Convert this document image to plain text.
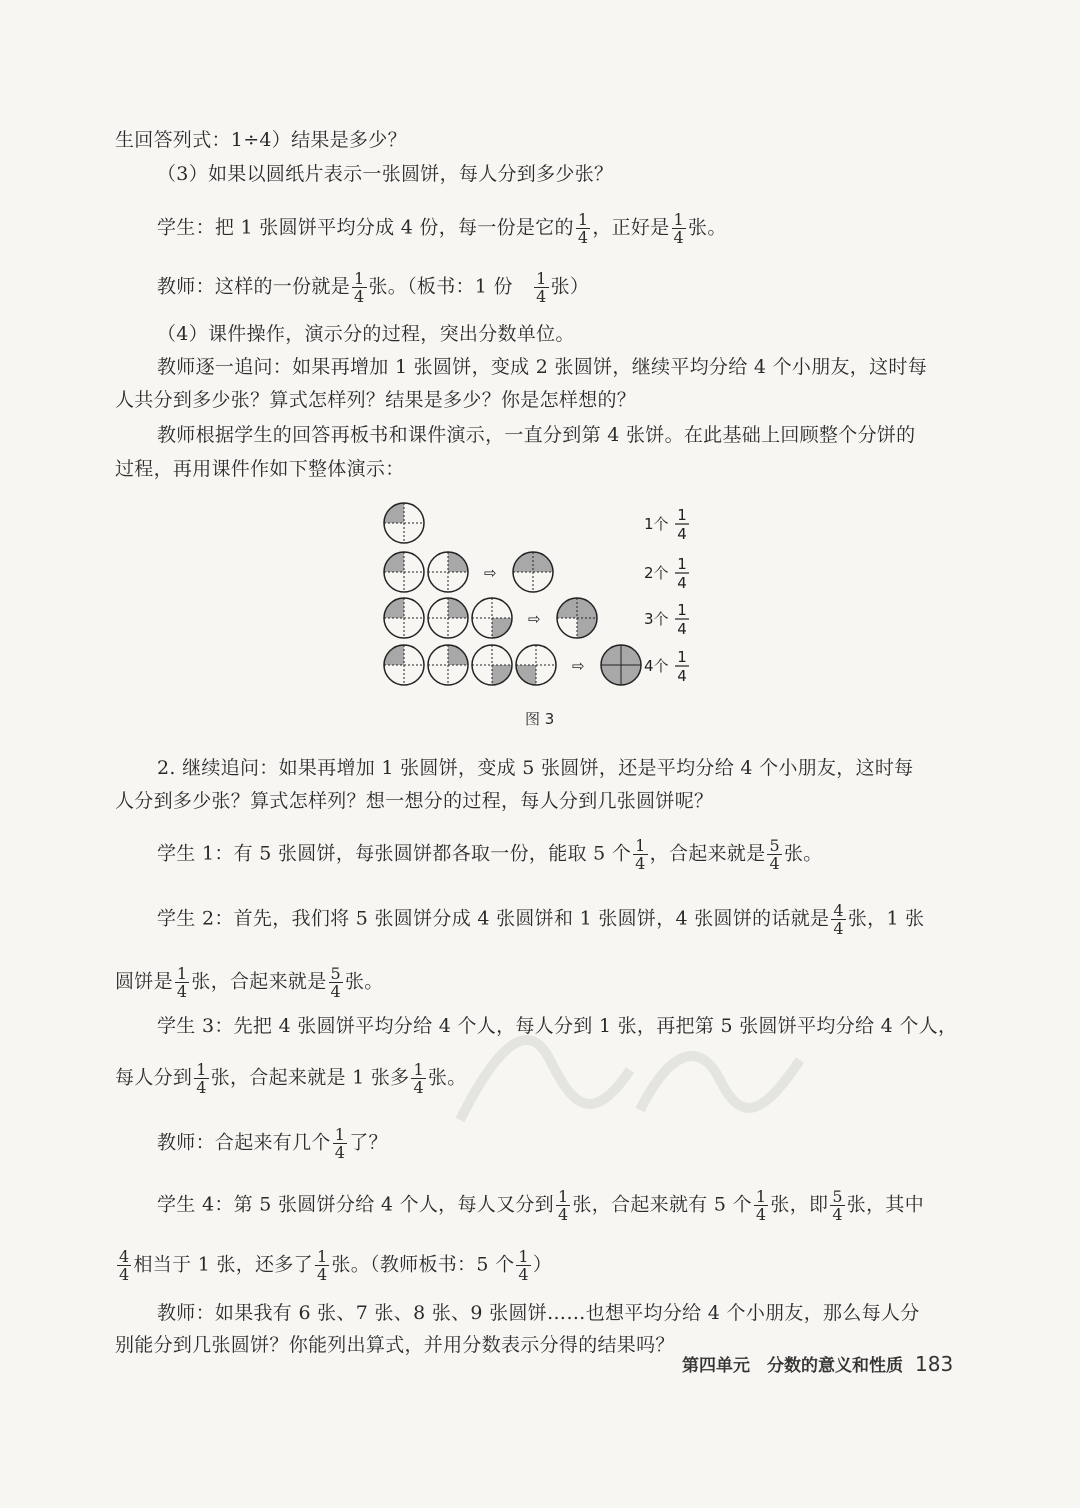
生回答列式：1÷4）结果是多少？
（3）如果以圆纸片表示一张圆饼，每人分到多少张？
学生：把 1 张圆饼平均分成 4 份，每一份是它的 $\frac{1}{4}$ ，正好是 $\frac{1}{4}$ 张。
教师：这样的一份就是 $\frac{1}{4}$ 张。（板书：1 份　 $\frac{1}{4}$ 张）
（4）课件操作，演示分的过程，突出分数单位。
教师逐一追问：如果再增加 1 张圆饼，变成 2 张圆饼，继续平均分给 4 个小朋友，这时每
人共分到多少张？算式怎样列？结果是多少？你是怎样想的？
教师根据学生的回答再板书和课件演示，一直分到第 4 张饼。在此基础上回顾整个分饼的
过程，再用课件作如下整体演示：
2. 继续追问：如果再增加 1 张圆饼，变成 5 张圆饼，还是平均分给 4 个小朋友，这时每
人分到多少张？算式怎样列？想一想分的过程，每人分到几张圆饼呢？
学生 1：有 5 张圆饼，每张圆饼都各取一份，能取 5 个 $\frac{1}{4}$ ，合起来就是 $\frac{5}{4}$ 张。
学生 2：首先，我们将 5 张圆饼分成 4 张圆饼和 1 张圆饼，4 张圆饼的话就是 $\frac{4}{4}$ 张，1 张
圆饼是 $\frac{1}{4}$ 张，合起来就是 $\frac{5}{4}$ 张。
学生 3：先把 4 张圆饼平均分给 4 个人，每人分到 1 张，再把第 5 张圆饼平均分给 4 个人，
每人分到 $\frac{1}{4}$ 张，合起来就是 1 张多 $\frac{1}{4}$ 张。
教师：合起来有几个 $\frac{1}{4}$ 了？
学生 4：第 5 张圆饼分给 4 个人，每人又分到 $\frac{1}{4}$ 张，合起来就有 5 个 $\frac{1}{4}$ 张，即 $\frac{5}{4}$ 张，其中
$\frac{4}{4}$ 相当于 1 张，还多了 $\frac{1}{4}$ 张。（教师板书：5 个 $\frac{1}{4}$ ）
教师：如果我有 6 张、7 张、8 张、9 张圆饼……也想平均分给 4 个小朋友，那么每人分
别能分到几张圆饼？你能列出算式，并用分数表示分得的结果吗？
1个 1
4
⇨	2个 1
4
⇨	3个 1
4
⇨	4个 1
4
图 3
第四单元　分数的意义和性质 183
